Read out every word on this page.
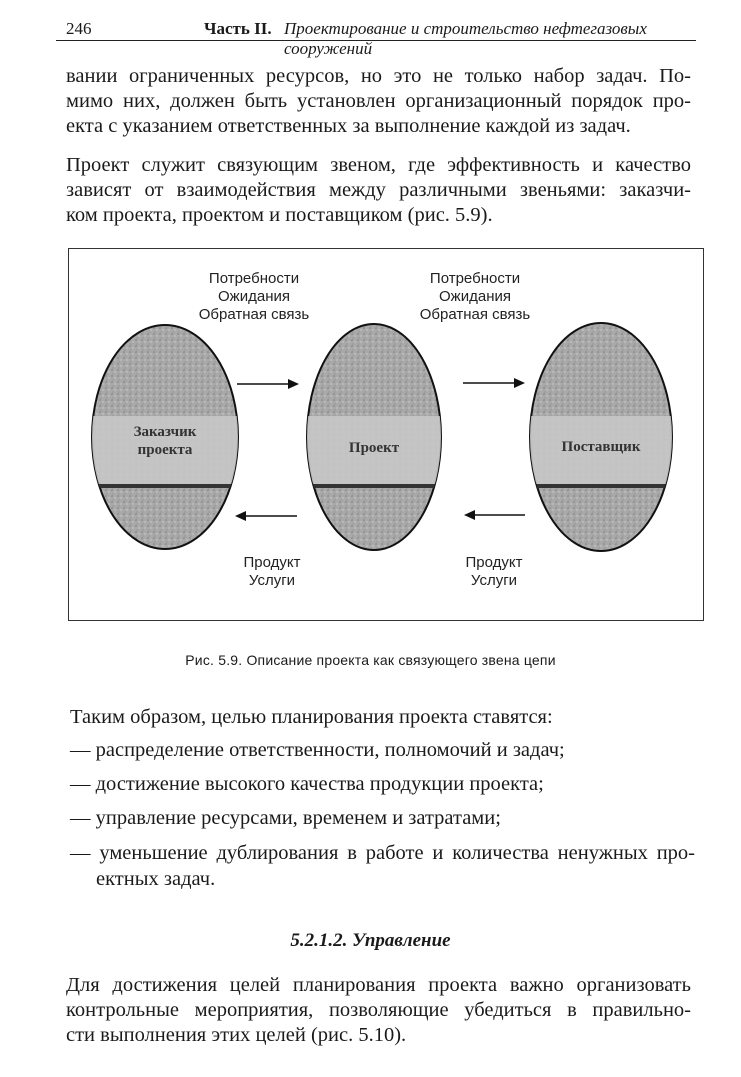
246	Часть II. Проектирование и строительство нефтегазовых сооружений
вании ограниченных ресурсов, но это не только набор задач. По-
мимо них, должен быть установлен организационный порядок про-
екта с указанием ответственных за выполнение каждой из задач.
Проект служит связующим звеном, где эффективность и качество
зависят от взаимодействия между различными звеньями: заказчи-
ком проекта, проектом и поставщиком (рис. 5.9).
Потребности
Ожидания
Обратная связь
Потребности
Ожидания
Обратная связь
Заказчик
проекта	Проект	Поставщик
Продукт
Услуги
Продукт
Услуги
Рис. 5.9. Описание проекта как связующего звена цепи
Таким образом, целью планирования проекта ставятся:
— распределение ответственности, полномочий и задач;
— достижение высокого качества продукции проекта;
— управление ресурсами, временем и затратами;
— уменьшение дублирования в работе и количества ненужных про-
ектных задач.
5.2.1.2. Управление
Для достижения целей планирования проекта важно организовать
контрольные мероприятия, позволяющие убедиться в правильно-
сти выполнения этих целей (рис. 5.10).
